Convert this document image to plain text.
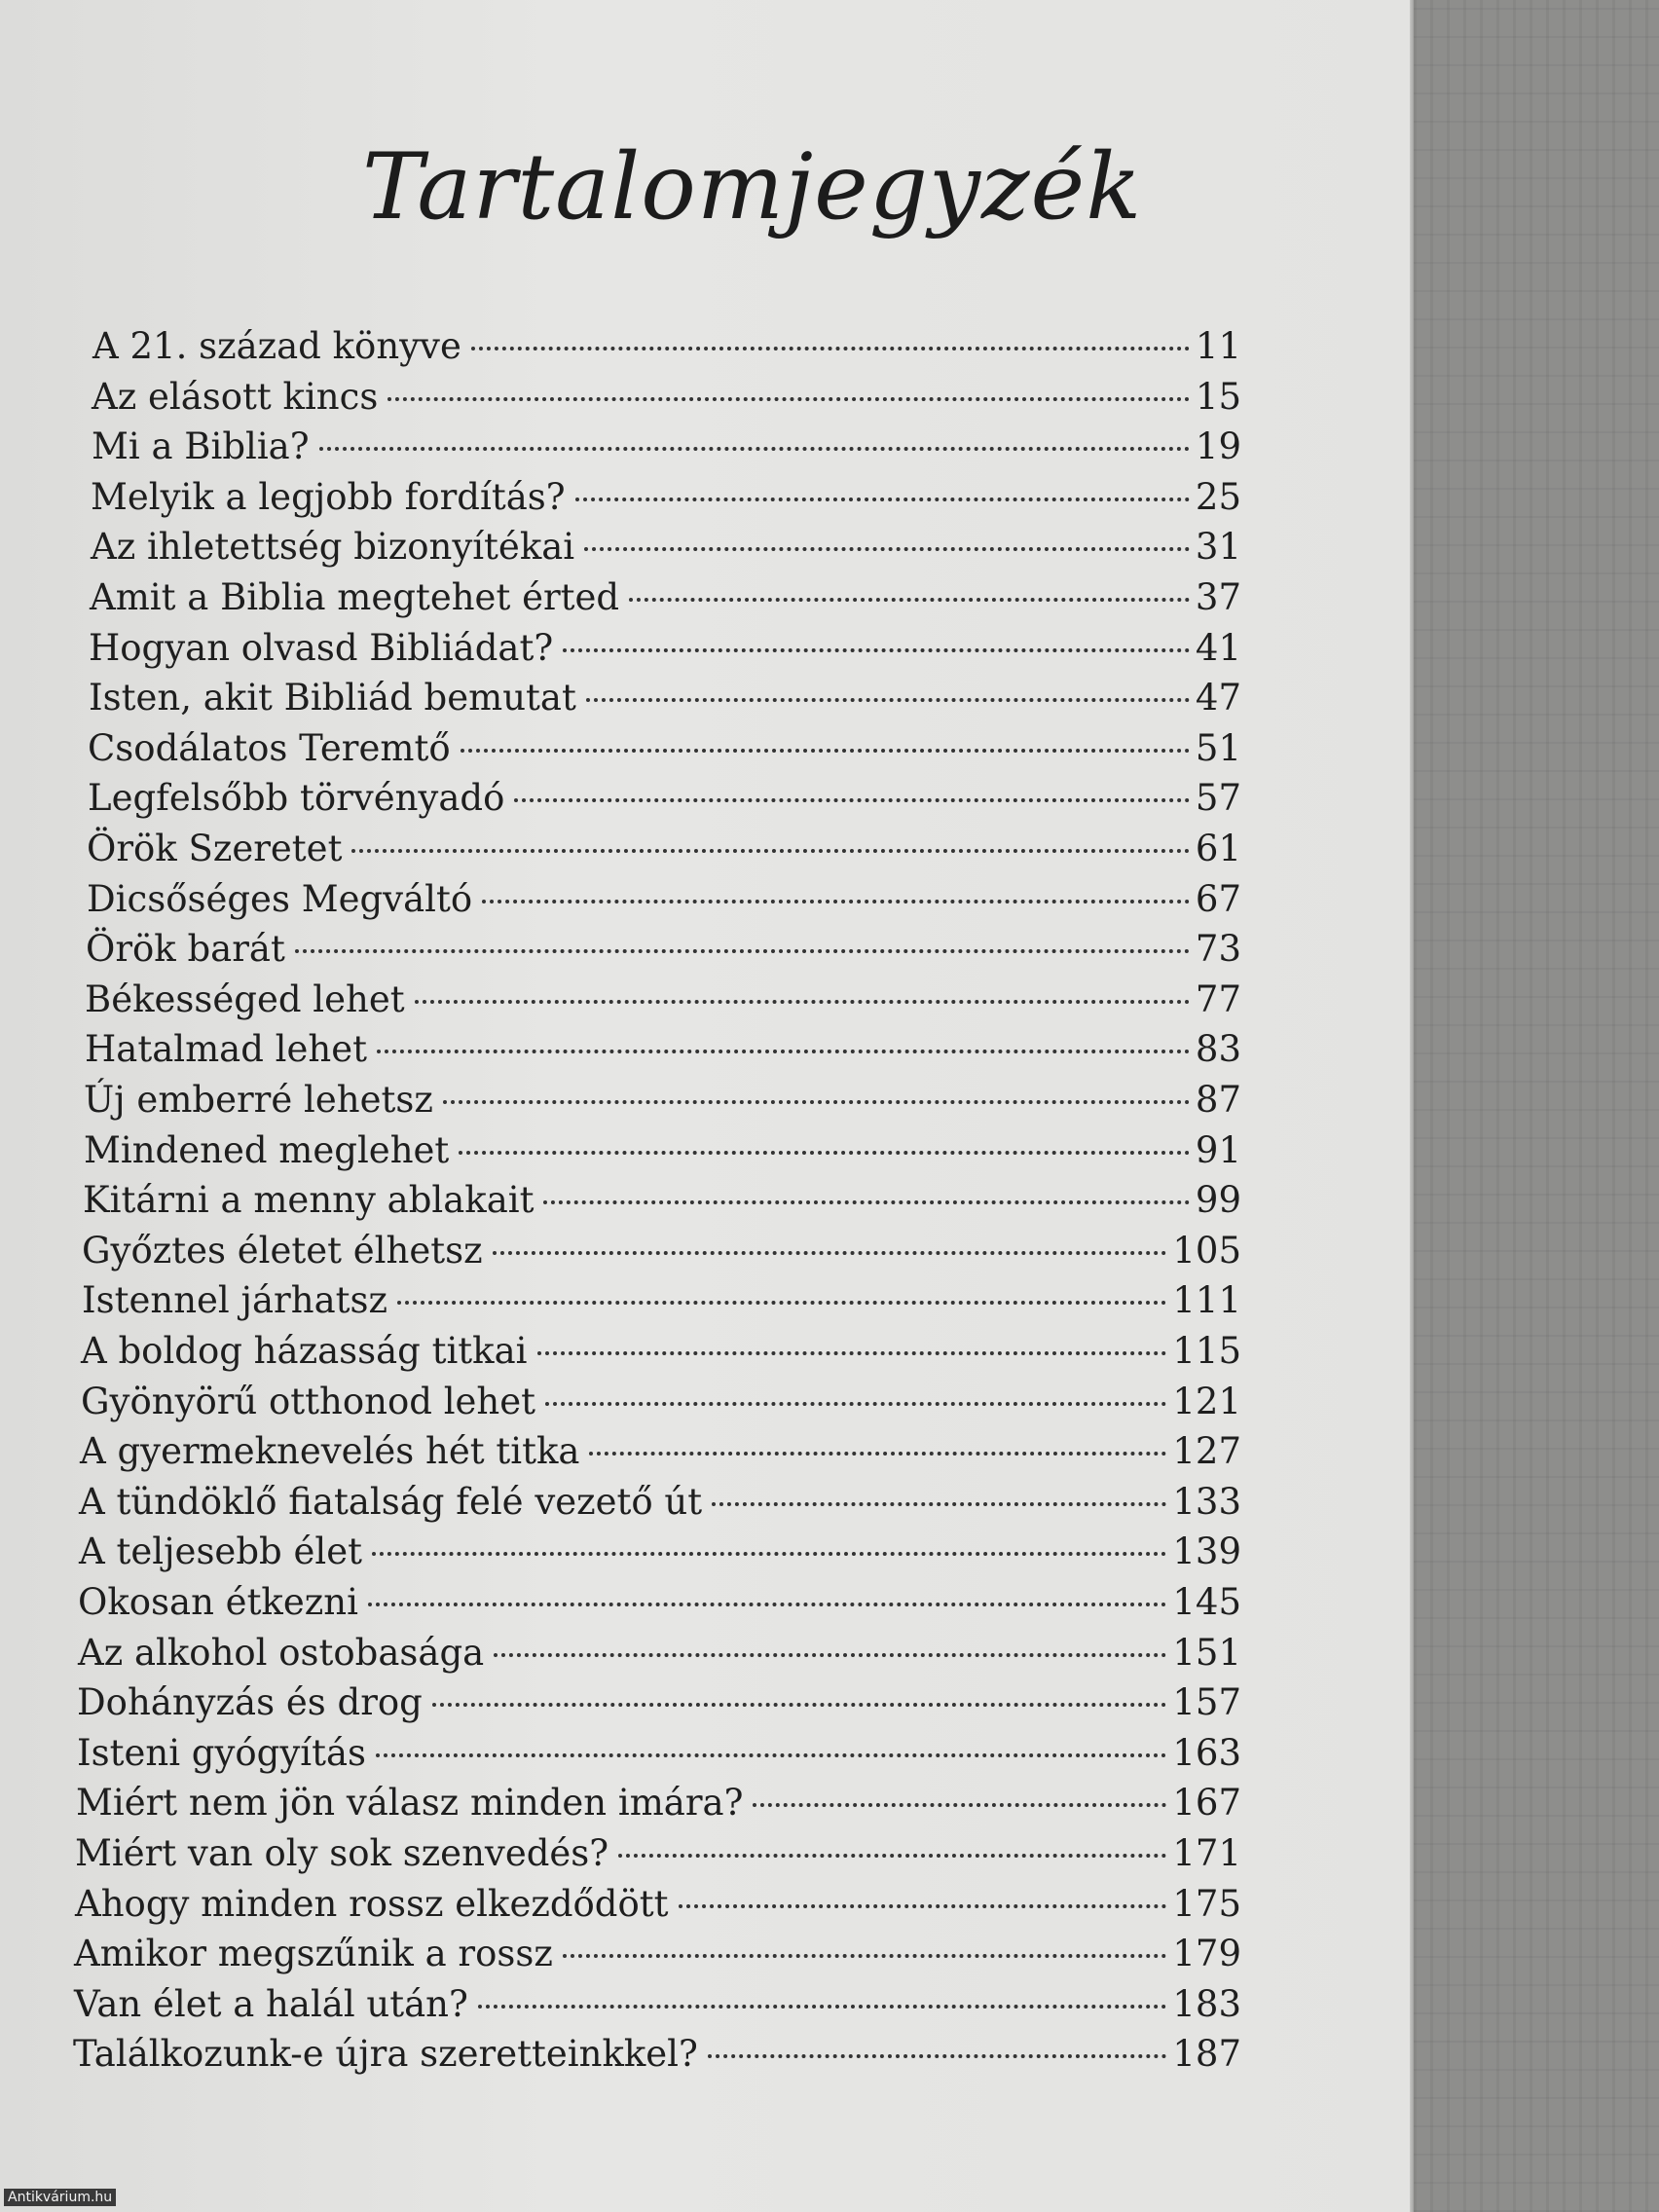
Tartalomjegyzék
A 21. század könyve	11
Az elásott kincs	15
Mi a Biblia?	19
Melyik a legjobb fordítás?	25
Az ihletettség bizonyítékai	31
Amit a Biblia megtehet érted	37
Hogyan olvasd Bibliádat?	41
Isten, akit Bibliád bemutat	47
Csodálatos Teremtő	51
Legfelsőbb törvényadó	57
Örök Szeretet	61
Dicsőséges Megváltó	67
Örök barát	73
Békességed lehet	77
Hatalmad lehet	83
Új emberré lehetsz	87
Mindened meglehet	91
Kitárni a menny ablakait	99
Győztes életet élhetsz	105
Istennel járhatsz	111
A boldog házasság titkai	115
Gyönyörű otthonod lehet	121
A gyermeknevelés hét titka	127
A tündöklő fiatalság felé vezető út	133
A teljesebb élet	139
Okosan étkezni	145
Az alkohol ostobasága	151
Dohányzás és drog	157
Isteni gyógyítás	163
Miért nem jön válasz minden imára?	167
Miért van oly sok szenvedés?	171
Ahogy minden rossz elkezdődött	175
Amikor megszűnik a rossz	179
Van élet a halál után?	183
Találkozunk-e újra szeretteinkkel?	187
Antikvárium.hu
